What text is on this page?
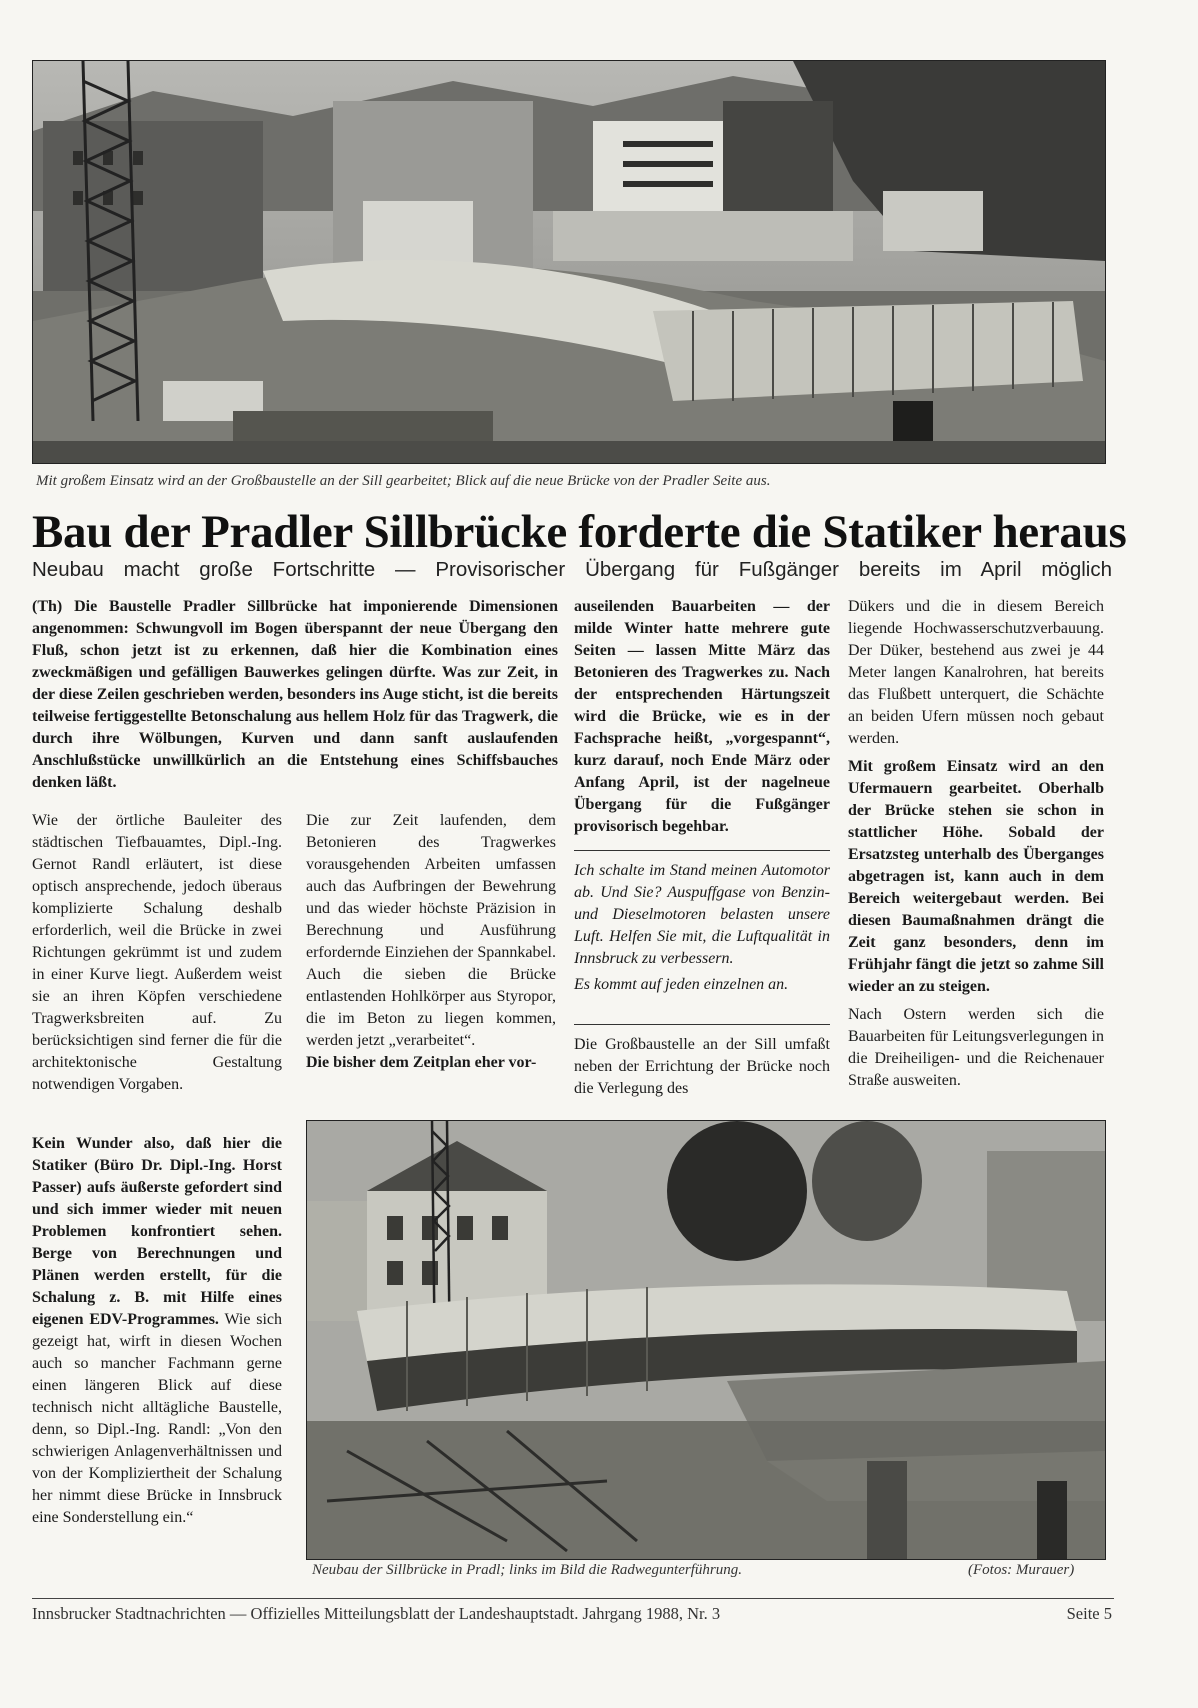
Mit großem Einsatz wird an der Großbaustelle an der Sill gearbeitet; Blick auf die neue Brücke von der Pradler Seite aus.
Bau der Pradler Sillbrücke forderte die Statiker heraus
Neubau macht große Fortschritte — Provisorischer Übergang für Fußgänger bereits im April möglich

(Th) Die Baustelle Pradler Sillbrücke hat imponierende Dimensionen angenommen: Schwungvoll im Bogen überspannt der neue Übergang den Fluß, schon jetzt ist zu erkennen, daß hier die Kombination eines zweckmäßigen und gefälligen Bauwerkes gelingen dürfte. Was zur Zeit, in der diese Zeilen geschrieben werden, besonders ins Auge sticht, ist die bereits teilweise fertiggestellte Betonschalung aus hellem Holz für das Tragwerk, die durch ihre Wölbungen, Kurven und dann sanft auslaufenden Anschlußstücke unwillkürlich an die Entstehung eines Schiffsbauches denken läßt.

Wie der örtliche Bauleiter des städtischen Tiefbauamtes, Dipl.-Ing. Gernot Randl erläutert, ist diese optisch ansprechende, jedoch überaus komplizierte Schalung deshalb erforderlich, weil die Brücke in zwei Richtungen gekrümmt ist und zudem in einer Kurve liegt. Außerdem weist sie an ihren Köpfen verschiedene Tragwerksbreiten auf. Zu berücksichtigen sind ferner die für die architektonische Gestaltung notwendigen Vorgaben.

Kein Wunder also, daß hier die Statiker (Büro Dr. Dipl.-Ing. Horst Passer) aufs äußerste gefordert sind und sich immer wieder mit neuen Problemen konfrontiert sehen. Berge von Berechnungen und Plänen werden erstellt, für die Schalung z. B. mit Hilfe eines eigenen EDV-Programmes. Wie sich gezeigt hat, wirft in diesen Wochen auch so mancher Fachmann gerne einen längeren Blick auf diese technisch nicht alltägliche Baustelle, denn, so Dipl.-Ing. Randl: „Von den schwierigen Anlagenverhältnissen und von der Kompliziertheit der Schalung her nimmt diese Brücke in Innsbruck eine Sonderstellung ein.“

Die zur Zeit laufenden, dem Betonieren des Tragwerkes vorausgehenden Arbeiten umfassen auch das Aufbringen der Bewehrung und das wieder höchste Präzision in Berechnung und Ausführung erfordernde Einziehen der Spannkabel. Auch die sieben die Brücke entlastenden Hohlkörper aus Styropor, die im Beton zu liegen kommen, werden jetzt „verarbeitet“.

Die bisher dem Zeitplan eher vor-

auseilenden Bauarbeiten — der milde Winter hatte mehrere gute Seiten — lassen Mitte März das Betonieren des Tragwerkes zu. Nach der entsprechenden Härtungszeit wird die Brücke, wie es in der Fachsprache heißt, „vorgespannt“, kurz darauf, noch Ende März oder Anfang April, ist der nagelneue Übergang für die Fußgänger provisorisch begehbar.

Ich schalte im Stand meinen Automotor ab. Und Sie? Auspuffgase von Benzin- und Dieselmotoren belasten unsere Luft. Helfen Sie mit, die Luftqualität in Innsbruck zu verbessern.

Es kommt auf jeden einzelnen an.

Die Großbaustelle an der Sill umfaßt neben der Errichtung der Brücke noch die Verlegung des

Dükers und die in diesem Bereich liegende Hochwasserschutzverbauung. Der Düker, bestehend aus zwei je 44 Meter langen Kanalrohren, hat bereits das Flußbett unterquert, die Schächte an beiden Ufern müssen noch gebaut werden.

Mit großem Einsatz wird an den Ufermauern gearbeitet. Oberhalb der Brücke stehen sie schon in stattlicher Höhe. Sobald der Ersatzsteg unterhalb des Überganges abgetragen ist, kann auch in dem Bereich weitergebaut werden. Bei diesen Baumaßnahmen drängt die Zeit ganz besonders, denn im Frühjahr fängt die jetzt so zahme Sill wieder an zu steigen.

Nach Ostern werden sich die Bauarbeiten für Leitungsverlegungen in die Dreiheiligen- und die Reichenauer Straße ausweiten.

Neubau der Sillbrücke in Pradl; links im Bild die Radwegunterführung.	(Fotos: Murauer)
Innsbrucker Stadtnachrichten — Offizielles Mitteilungsblatt der Landeshauptstadt. Jahrgang 1988, Nr. 3	Seite 5
